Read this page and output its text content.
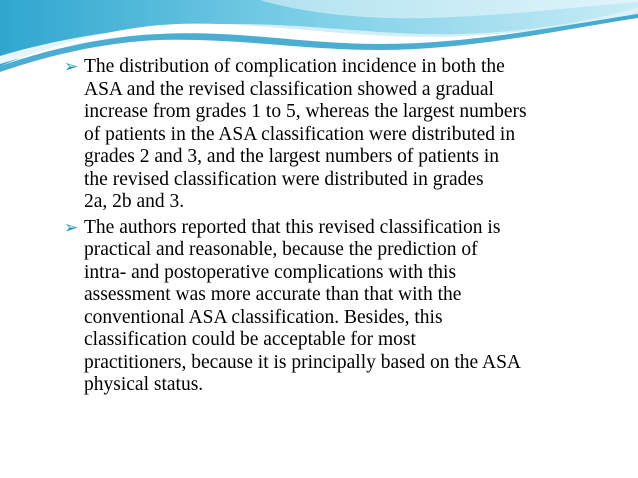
➢ The distribution of complication incidence in both the
ASA and the revised classification showed a gradual
increase from grades 1 to 5, whereas the largest numbers
of patients in the ASA classification were distributed in
grades 2 and 3, and the largest numbers of patients in
the revised classification were distributed in grades
2a, 2b and 3.
➢ The authors reported that this revised classification is
practical and reasonable, because the prediction of
intra- and postoperative complications with this
assessment was more accurate than that with the
conventional ASA classification. Besides, this
classification could be acceptable for most
practitioners, because it is principally based on the ASA
physical status.
